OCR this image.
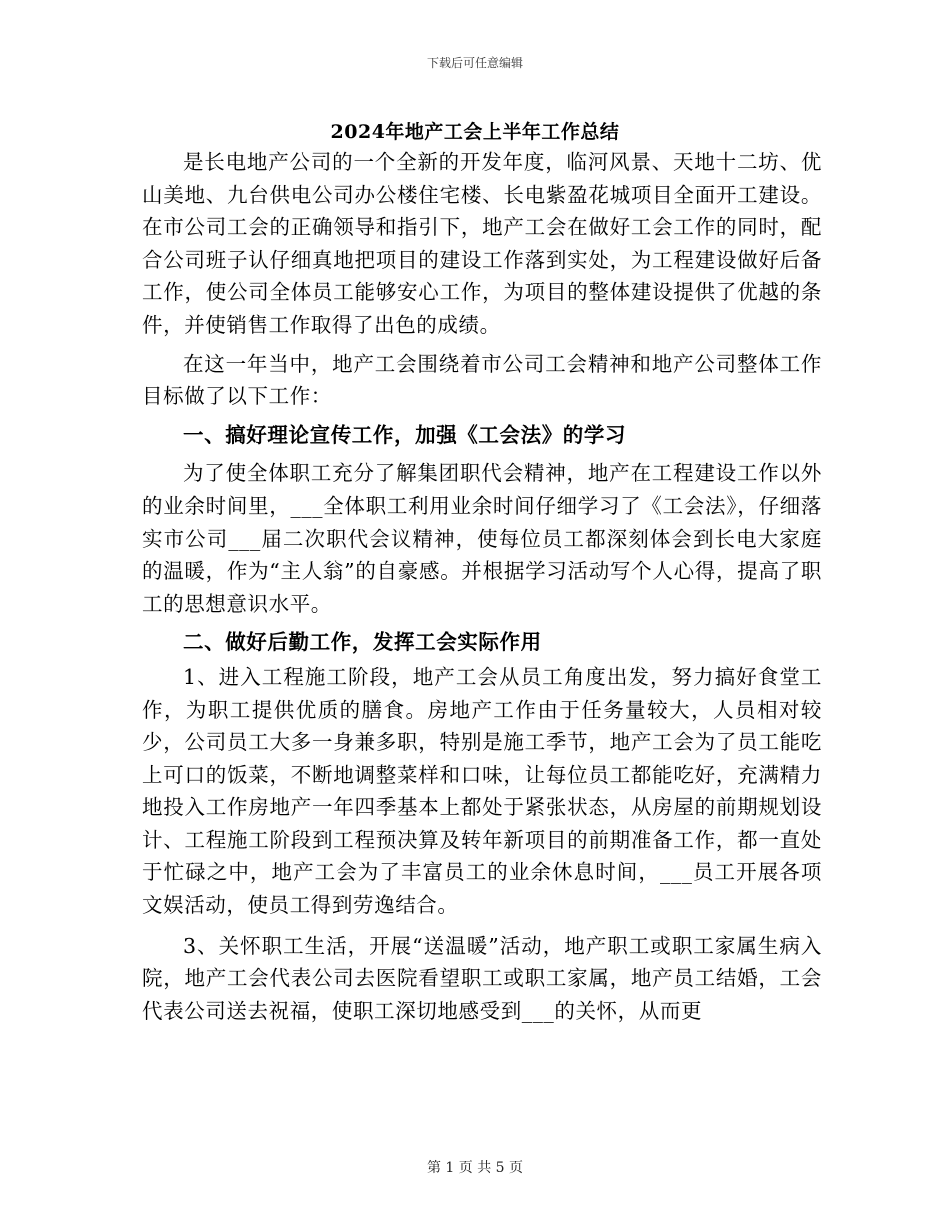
下载后可任意编辑
2024年地产工会上半年工作总结

是长电地产公司的一个全新的开发年度，临河风景、天地十二坊、优山美地、九台供电公司办公楼住宅楼、长电紫盈花城项目全面开工建设。在市公司工会的正确领导和指引下，地产工会在做好工会工作的同时，配合公司班子认仔细真地把项目的建设工作落到实处，为工程建设做好后备工作，使公司全体员工能够安心工作，为项目的整体建设提供了优越的条件，并使销售工作取得了出色的成绩。

在这一年当中，地产工会围绕着市公司工会精神和地产公司整体工作目标做了以下工作：

一、搞好理论宣传工作，加强《工会法》的学习

为了使全体职工充分了解集团职代会精神，地产在工程建设工作以外的业余时间里，___全体职工利用业余时间仔细学习了《工会法》，仔细落实市公司___届二次职代会议精神，使每位员工都深刻体会到长电大家庭的温暖，作为“主人翁”的自豪感。并根据学习活动写个人心得，提高了职工的思想意识水平。

二、做好后勤工作，发挥工会实际作用

1、进入工程施工阶段，地产工会从员工角度出发，努力搞好食堂工作，为职工提供优质的膳食。房地产工作由于任务量较大，人员相对较少，公司员工大多一身兼多职，特别是施工季节，地产工会为了员工能吃上可口的饭菜，不断地调整菜样和口味，让每位员工都能吃好，充满精力地投入工作房地产一年四季基本上都处于紧张状态，从房屋的前期规划设计、工程施工阶段到工程预决算及转年新项目的前期准备工作，都一直处于忙碌之中，地产工会为了丰富员工的业余休息时间，___员工开展各项文娱活动，使员工得到劳逸结合。

3、关怀职工生活，开展“送温暖”活动，地产职工或职工家属生病入院，地产工会代表公司去医院看望职工或职工家属，地产员工结婚，工会代表公司送去祝福，使职工深切地感受到___的关怀，从而更

第 1 页 共 5 页
